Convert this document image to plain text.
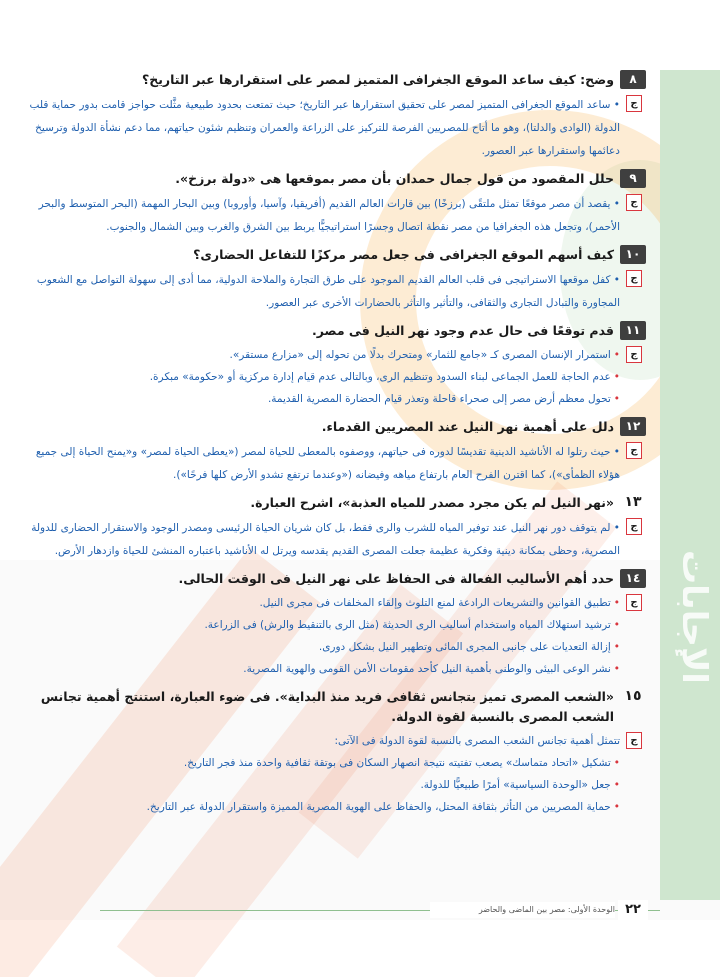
الإجابات
٨
وضح: كيف ساعد الموقع الجغرافى المتميز لمصر على استقرارها عبر التاريخ؟
ج
• ساعد الموقع الجغرافى المتميز لمصر على تحقيق استقرارها عبر التاريخ؛ حيث تمتعت بحدود طبيعية مثَّلت حواجز قامت بدور حماية قلب الدولة (الوادى والدلتا)، وهو ما أتاح للمصريين الفرصة للتركيز على الزراعة والعمران وتنظيم شئون حياتهم، مما دعم نشأة الدولة وترسيخ دعائمها واستقرارها عبر العصور.
٩
حلل المقصود من قول جمال حمدان بأن مصر بموقعها هى «دولة برزخ».
ج
• يقصد أن مصر موقعًا تمثل ملتقًى (برزخًا) بين قارات العالم القديم (أفريقيا، وآسيا، وأوروبا) وبين البحار المهمة (البحر المتوسط والبحر الأحمر)، وتجعل هذه الجغرافيا من مصر نقطة اتصال وجسرًا استراتيجيًّا يربط بين الشرق والغرب وبين الشمال والجنوب.
١٠
كيف أسهم الموقع الجغرافى فى جعل مصر مركزًا للتفاعل الحضارى؟
ج
• كفل موقعها الاستراتيجى فى قلب العالم القديم الموجود على طرق التجارة والملاحة الدولية، مما أدى إلى سهولة التواصل مع الشعوب المجاورة والتبادل التجارى والثقافى، والتأثير والتأثر بالحضارات الأخرى عبر العصور.
١١
قدم توقعًا فى حال عدم وجود نهر النيل فى مصر.
ج
•استمرار الإنسان المصرى كـ «جامع للثمار» ومتحرك بدلًا من تحوله إلى «مزارع مستقر».
•عدم الحاجة للعمل الجماعى لبناء السدود وتنظيم الرى، وبالتالى عدم قيام إدارة مركزية أو «حكومة» مبكرة.
•تحول معظم أرض مصر إلى صحراء قاحلة وتعذر قيام الحضارة المصرية القديمة.
١٢
دلل على أهمية نهر النيل عند المصريين القدماء.
ج
• حيث رتلوا له الأناشيد الدينية تقديسًا لدوره فى حياتهم، ووصفوه بالمعطى للحياة لمصر («يعطى الحياة لمصر» و«يمنح الحياة إلى جميع هؤلاء الظمأى»)، كما اقترن الفرح العام بارتفاع مياهه وفيضانه («وعندما ترتفع تشدو الأرض كلها فرحًا»).
١٣
«نهر النيل لم يكن مجرد مصدر للمياه العذبة»، اشرح العبارة.
ج
• لم يتوقف دور نهر النيل عند توفير المياه للشرب والرى فقط، بل كان شريان الحياة الرئيسى ومصدر الوجود والاستقرار الحضارى للدولة المصرية، وحظى بمكانة دينية وفكرية عظيمة جعلت المصرى القديم يقدسه ويرتل له الأناشيد باعتباره المنشئ للحياة وازدهار الأرض.
١٤
حدد أهم الأساليب الفعالة فى الحفاظ على نهر النيل فى الوقت الحالى.
ج
•تطبيق القوانين والتشريعات الرادعة لمنع التلوث وإلقاء المخلفات فى مجرى النيل.
•ترشيد استهلاك المياه واستخدام أساليب الرى الحديثة (مثل الرى بالتنقيط والرش) فى الزراعة.
•إزالة التعديات على جانبى المجرى المائى وتطهير النيل بشكل دورى.
•نشر الوعى البيئى والوطنى بأهمية النيل كأحد مقومات الأمن القومى والهوية المصرية.
١٥
«الشعب المصرى تميز بتجانس ثقافى فريد منذ البداية». فى ضوء العبارة، استنتج أهمية تجانس الشعب المصرى بالنسبة لقوة الدولة.
ج
تتمثل أهمية تجانس الشعب المصرى بالنسبة لقوة الدولة فى الآتى:
•تشكيل «اتحاد متماسك» يصعب تفتيته نتيجة انصهار السكان فى بوتقة ثقافية واحدة منذ فجر التاريخ.
•جعل «الوحدة السياسية» أمرًا طبيعيًّا للدولة.
•حماية المصريين من التأثر بثقافة المحتل، والحفاظ على الهوية المصرية المميزة واستقرار الدولة عبر التاريخ.
الوحدة الأولى: مصر بين الماضى والحاضر ٢٢
